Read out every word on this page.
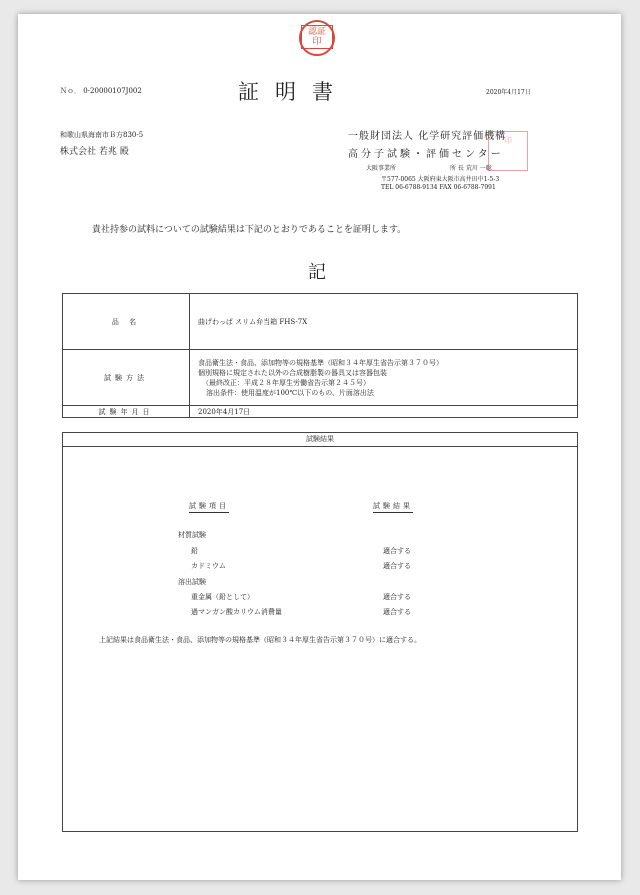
認証印
Ｎｏ． 0-20000107J002	証明書	2020年4月17日
和歌山県海南市Ｂ方830-5
株式会社 若兆 殿
一般財団法人 化学研究評価機構
高分子試験・評価センター
大阪事業所	所 長 荒川 一聡
〒577-0065 大阪府東大阪市高井田中1-5-3
TEL 06-6788-9134 FAX 06-6788-7991
印
貴社持参の試料についての試験結果は下記のとおりであることを証明します。
記
品 名	曲げわっぱ スリム弁当箱 FHS-7X
試験方法	食品衛生法・食品、添加物等の規格基準（昭和３４年厚生省告示第３７０号）
個別規格に規定された以外の合成樹脂製の器具又は容器包装
（最終改正：平成２８年厚生労働省告示第２４５号）
溶出条件：使用温度が100℃以下のもの、片面溶出法

試験年月日	2020年4月17日
試験結果
試験項目	試験結果
材質試験
鉛	適合する
カドミウム	適合する
溶出試験
重金属（鉛として）	適合する
過マンガン酸カリウム消費量	適合する
上記結果は食品衛生法・食品、添加物等の規格基準（昭和３４年厚生省告示第３７０号）に適合する。
